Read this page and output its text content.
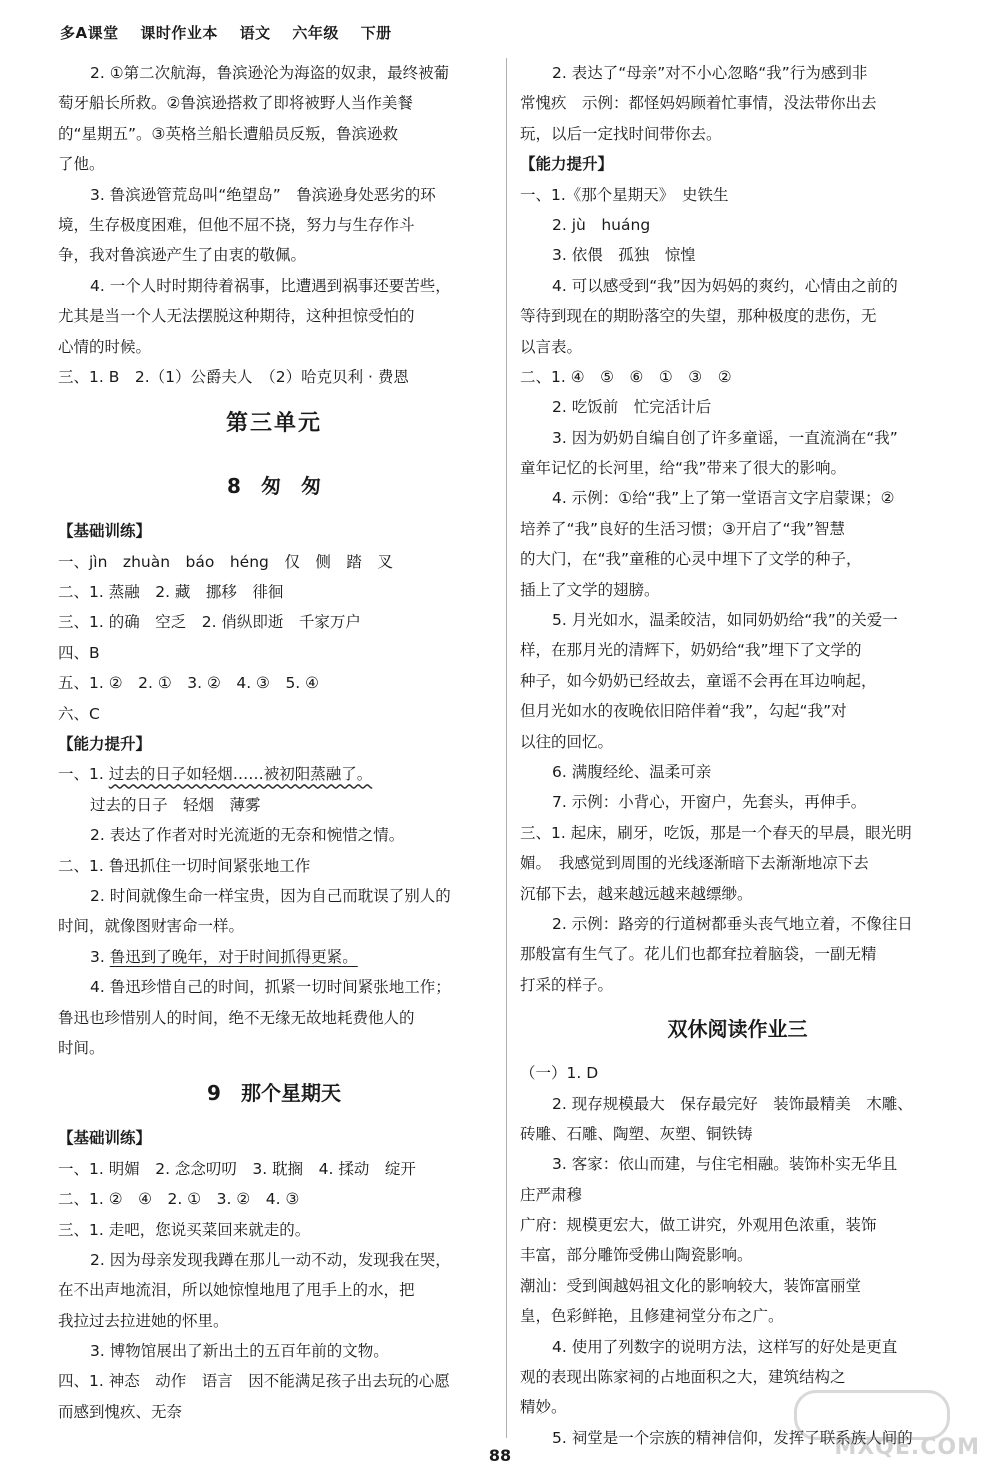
多A课堂 课时作业本 语文 六年级 下册
2. ①第二次航海，鲁滨逊沦为海盗的奴隶，最终被葡
萄牙船长所救。②鲁滨逊搭救了即将被野人当作美餐
的“星期五”。③英格兰船长遭船员反叛，鲁滨逊救
了他。
3. 鲁滨逊管荒岛叫“绝望岛”　鲁滨逊身处恶劣的环
境，生存极度困难，但他不屈不挠，努力与生存作斗
争，我对鲁滨逊产生了由衷的敬佩。
4. 一个人时时期待着祸事，比遭遇到祸事还要苦些，
尤其是当一个人无法摆脱这种期待，这种担惊受怕的
心情的时候。
三、1. B　2.（1）公爵夫人　（2）哈克贝利 · 费恩
第三单元
8　匆　匆
【基础训练】
一、jìn　zhuàn　báo　héng　仅　侧　踏　叉
二、1. 蒸融　2. 藏　挪移　徘徊
三、1. 的确　空乏　2. 俏纵即逝　千家万户
四、B
五、1. ②　2. ①　3. ②　4. ③　5. ④
六、C
【能力提升】
一、1. 过去的日子如轻烟……被初阳蒸融了。
过去的日子　轻烟　薄雾
2. 表达了作者对时光流逝的无奈和惋惜之情。
二、1. 鲁迅抓住一切时间紧张地工作
2. 时间就像生命一样宝贵，因为自己而耽误了别人的
时间，就像图财害命一样。
3. 鲁迅到了晚年，对于时间抓得更紧。
4. 鲁迅珍惜自己的时间，抓紧一切时间紧张地工作；
鲁迅也珍惜别人的时间，绝不无缘无故地耗费他人的
时间。
9　那个星期天
【基础训练】
一、1. 明媚　2. 念念叨叨　3. 耽搁　4. 揉动　绽开
二、1. ②　④　2. ①　3. ②　4. ③
三、1. 走吧，您说买菜回来就走的。
2. 因为母亲发现我蹲在那儿一动不动，发现我在哭，
在不出声地流泪，所以她惊惶地甩了甩手上的水，把
我拉过去拉进她的怀里。
3. 博物馆展出了新出土的五百年前的文物。
四、1. 神态　动作　语言　因不能满足孩子出去玩的心愿
而感到愧疚、无奈
2. 表达了“母亲”对不小心忽略“我”行为感到非
常愧疚　示例：都怪妈妈顾着忙事情，没法带你出去
玩，以后一定找时间带你去。
【能力提升】
一、1.《那个星期天》　史铁生
2. jù　huáng
3. 依偎　孤独　惊惶
4. 可以感受到“我”因为妈妈的爽约，心情由之前的
等待到现在的期盼落空的失望，那种极度的悲伤，无
以言表。
二、1. ④　⑤　⑥　①　③　②
2. 吃饭前　忙完活计后
3. 因为奶奶自编自创了许多童谣，一直流淌在“我”
童年记忆的长河里，给“我”带来了很大的影响。
4. 示例：①给“我”上了第一堂语言文字启蒙课；②
培养了“我”良好的生活习惯；③开启了“我”智慧
的大门，在“我”童稚的心灵中埋下了文学的种子，
插上了文学的翅膀。
5. 月光如水，温柔皎洁，如同奶奶给“我”的关爱一
样，在那月光的清辉下，奶奶给“我”埋下了文学的
种子，如今奶奶已经故去，童谣不会再在耳边响起，
但月光如水的夜晚依旧陪伴着“我”，勾起“我”对
以往的回忆。
6. 满腹经纶、温柔可亲
7. 示例：小背心，开窗户，先套头，再伸手。
三、1. 起床，刷牙，吃饭，那是一个春天的早晨，眼光明
媚。　我感觉到周围的光线逐渐暗下去渐渐地凉下去
沉郁下去，越来越远越来越缥缈。
2. 示例：路旁的行道树都垂头丧气地立着，不像往日
那般富有生气了。花儿们也都耷拉着脑袋，一副无精
打采的样子。
双休阅读作业三
（一）1. D
2. 现存规模最大　保存最完好　装饰最精美　木雕、
砖雕、石雕、陶塑、灰塑、铜铁铸
3. 客家：依山而建，与住宅相融。装饰朴实无华且
庄严肃穆
广府：规模更宏大，做工讲究，外观用色浓重，装饰
丰富，部分雕饰受佛山陶瓷影响。
潮汕：受到闽越妈祖文化的影响较大，装饰富丽堂
皇，色彩鲜艳，且修建祠堂分布之广。
4. 使用了列数字的说明方法，这样写的好处是更直
观的表现出陈家祠的占地面积之大，建筑结构之
精妙。
5. 祠堂是一个宗族的精神信仰，发挥了联系族人间的
88	MXQE.COM
